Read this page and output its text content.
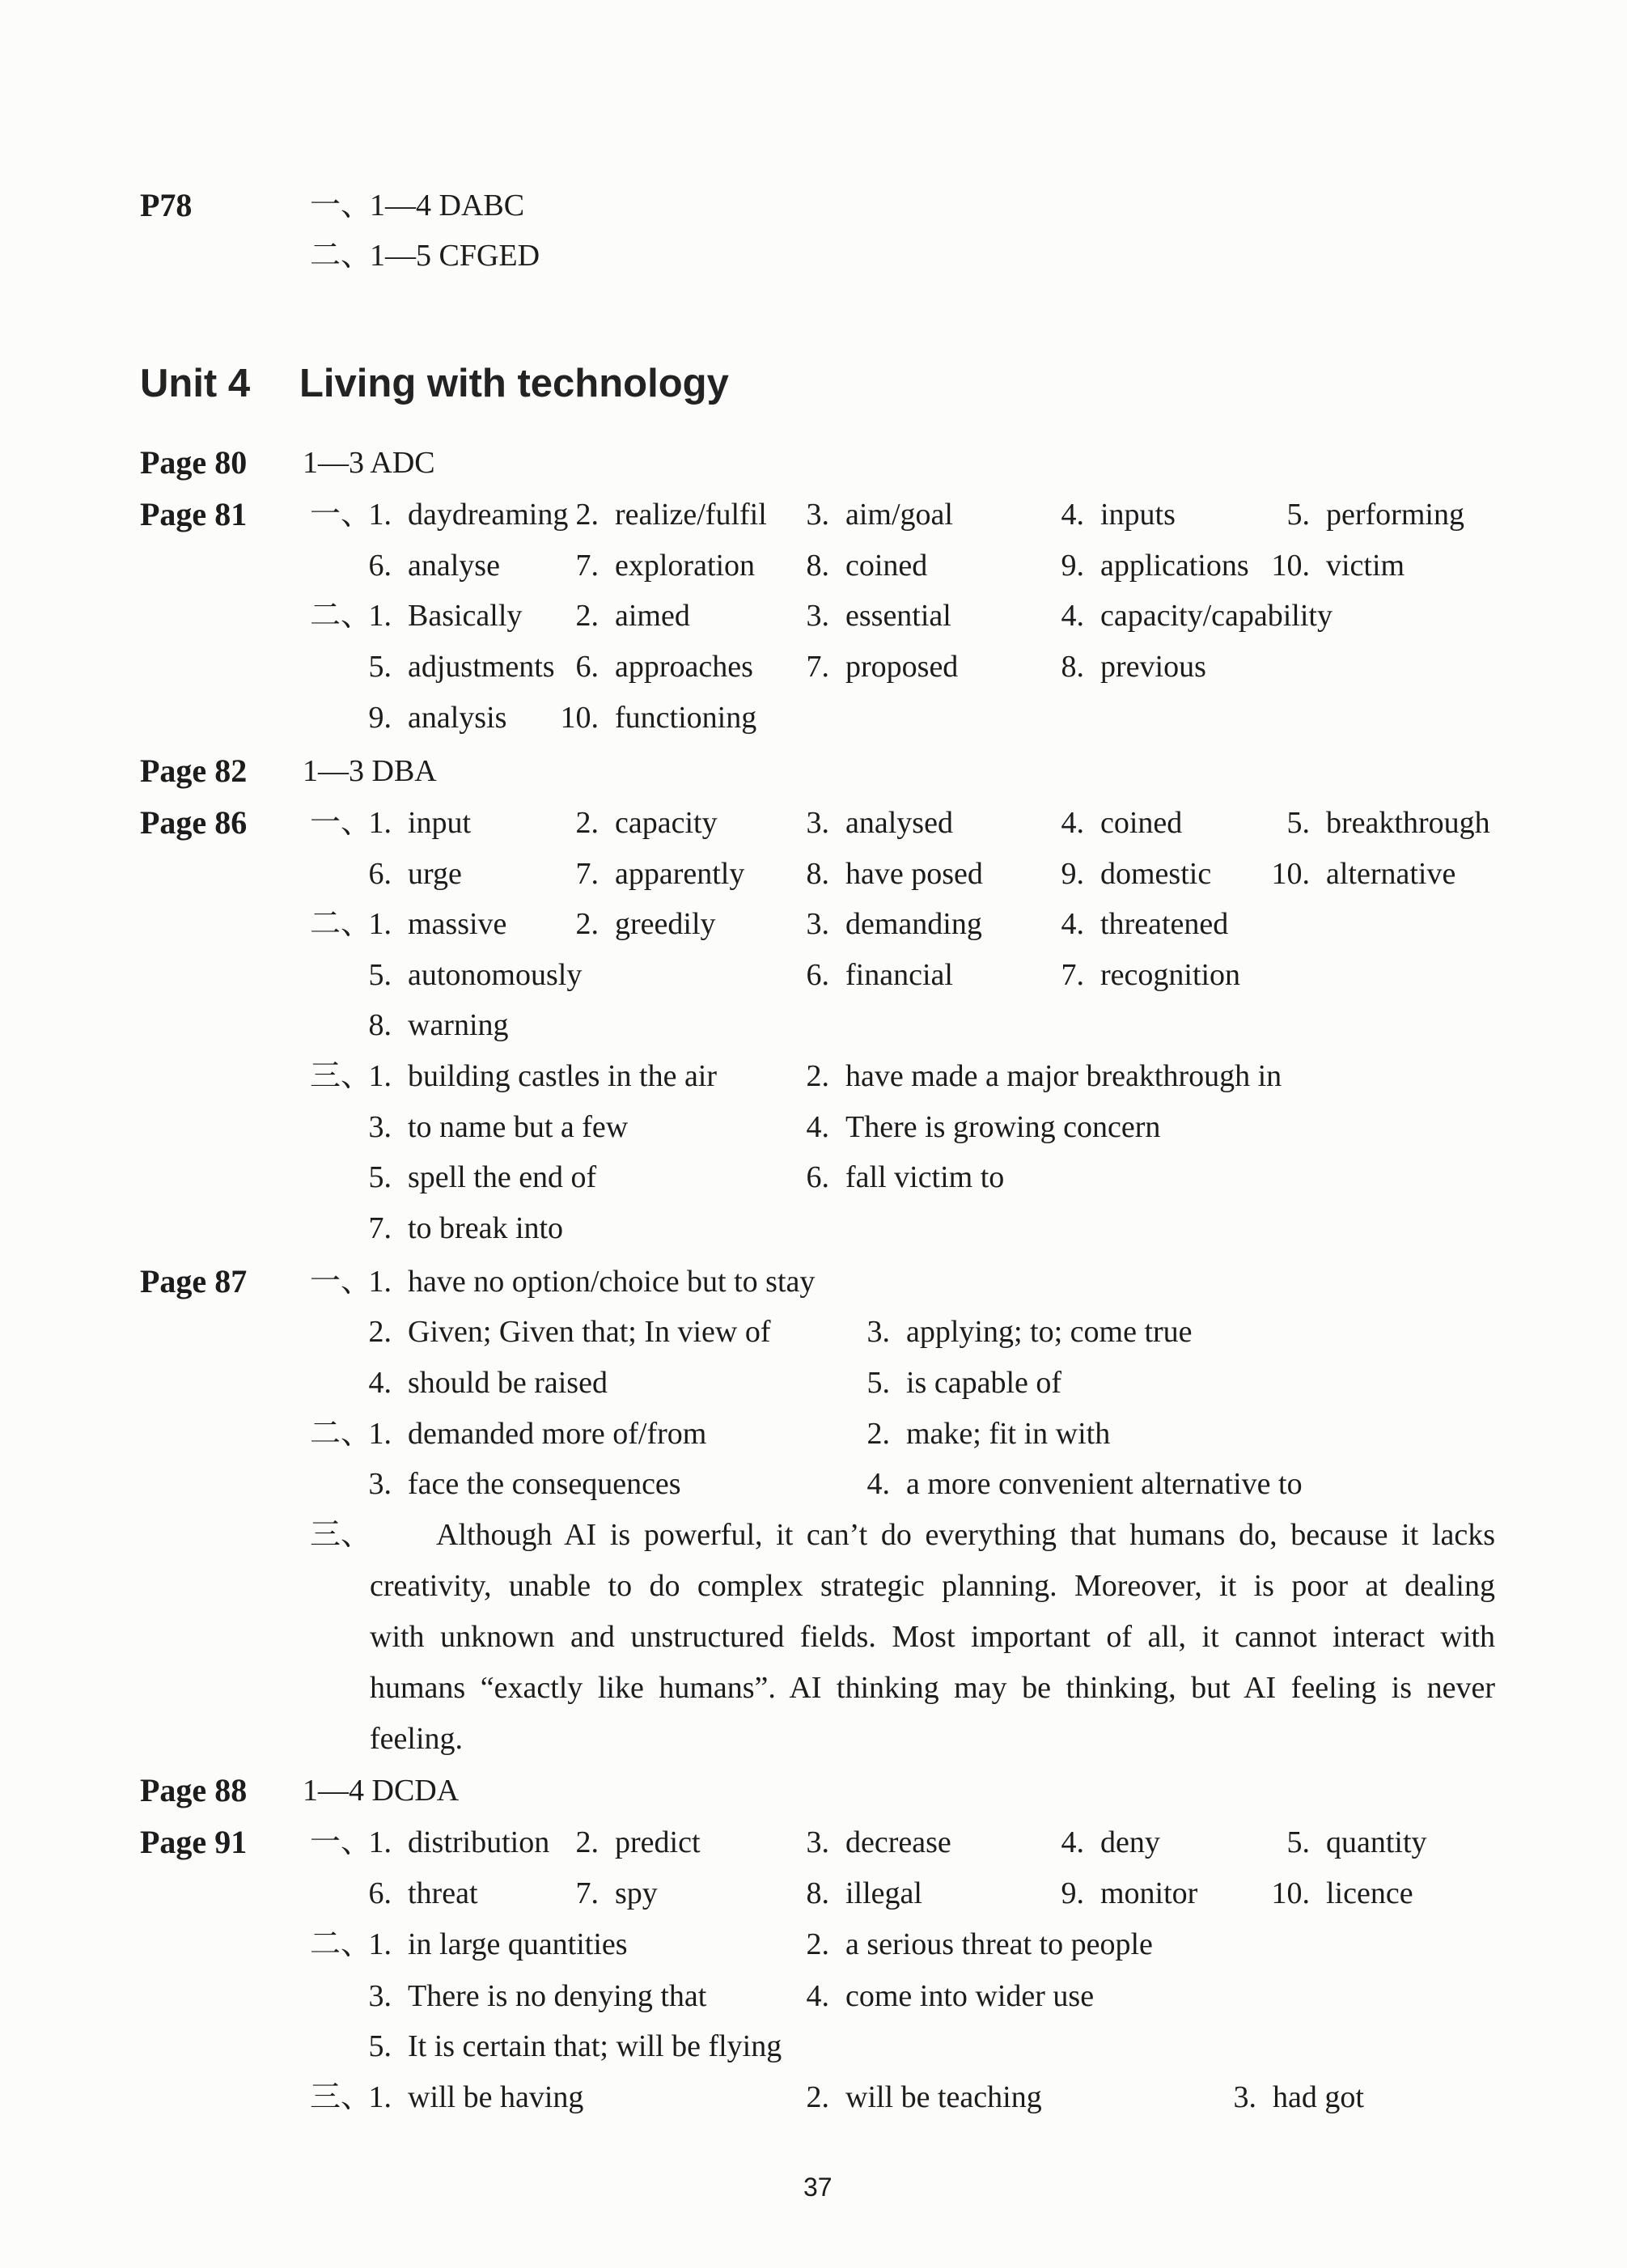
P78	一、
1—4 DABC
二、
1—5 CFGED
Unit 4 Living with technology
Page 80 1—3 ADC
Page 81 一、
1. daydreaming 2. realize/fulfil	3. aim/goal	4. inputs	5. performing
6. analyse	7. exploration	8. coined	9. applications 10. victim
二、
1. Basically	2. aimed	3. essential	4. capacity/capability
5. adjustments 6. approaches	7. proposed	8. previous
9. analysis 10. functioning
Page 82 1—3 DBA
Page 86 一、
1. input	2. capacity	3. analysed	4. coined	5. breakthrough
6. urge	7. apparently	8. have posed	9. domestic 10. alternative
二、
1. massive	2. greedily	3. demanding	4. threatened
5. autonomously	6. financial	7. recognition
8. warning
三、
1. building castles in the air	2. have made a major breakthrough in
3. to name but a few	4. There is growing concern
5. spell the end of	6. fall victim to
7. to break into
Page 87 一、
1. have no option/choice but to stay
2. Given; Given that; In view of	3. applying; to; come true
4. should be raised	5. is capable of
二、
1. demanded more of/from	2. make; fit in with
3. face the consequences	4. a more convenient alternative to
三、	Although AI is powerful, it can’t do everything that humans do, because it lacks
creativity, unable to do complex strategic planning. Moreover, it is poor at dealing
with unknown and unstructured fields. Most important of all, it cannot interact with
humans “exactly like humans”. AI thinking may be thinking, but AI feeling is never
feeling.
Page 88 1—4 DCDA
Page 91 一、
1. distribution 2. predict	3. decrease	4. deny	5. quantity
6. threat	7. spy	8. illegal	9. monitor 10. licence
二、
1. in large quantities	2. a serious threat to people
3. There is no denying that	4. come into wider use
5. It is certain that; will be flying
三、
1. will be having	2. will be teaching	3. had got
37
